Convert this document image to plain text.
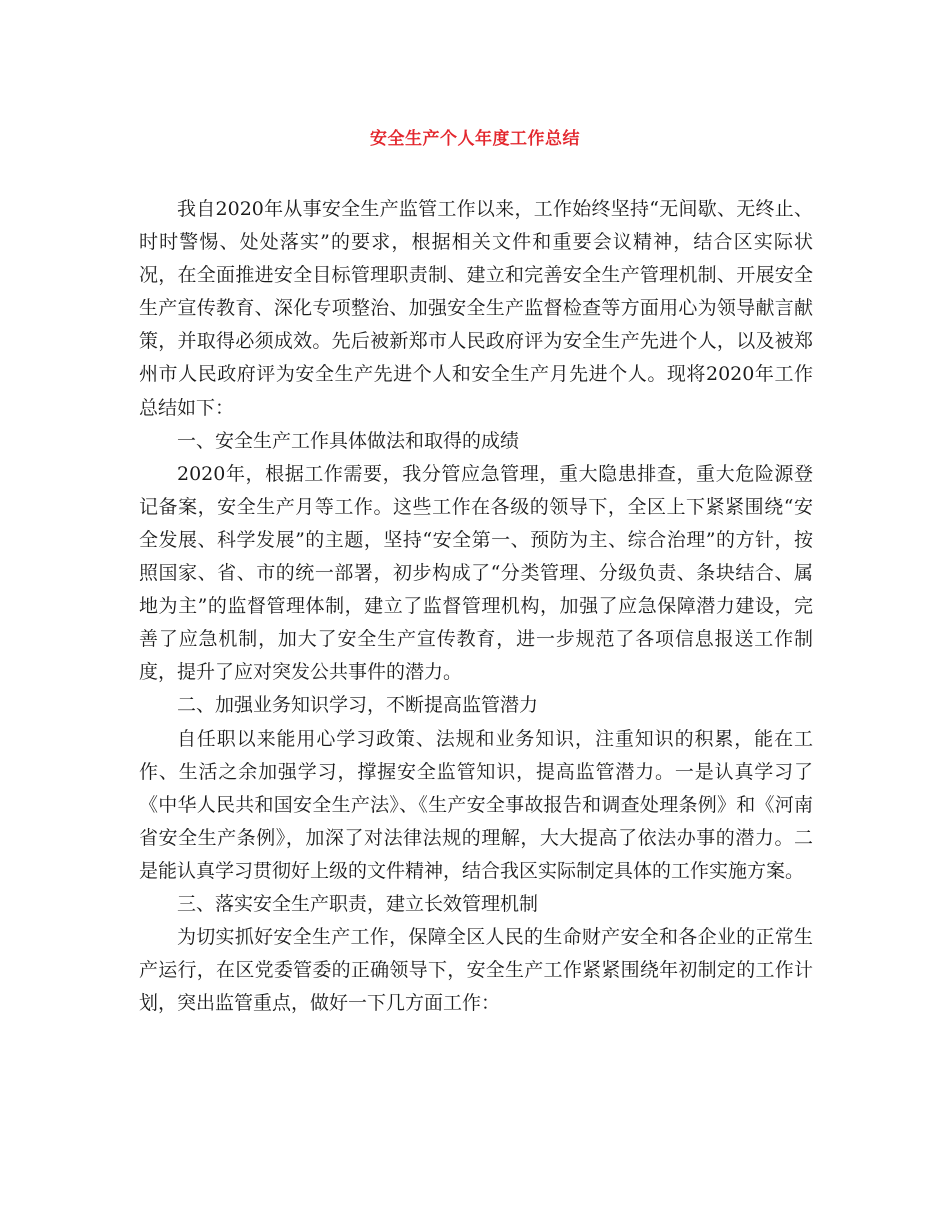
安全生产个人年度工作总结

我自2020年从事安全生产监管工作以来，工作始终坚持“无间歇、无终止、时时警惕、处处落实”的要求，根据相关文件和重要会议精神，结合区实际状况，在全面推进安全目标管理职责制、建立和完善安全生产管理机制、开展安全生产宣传教育、深化专项整治、加强安全生产监督检查等方面用心为领导献言献策，并取得必须成效。先后被新郑市人民政府评为安全生产先进个人，以及被郑州市人民政府评为安全生产先进个人和安全生产月先进个人。现将2020年工作总结如下：

一、安全生产工作具体做法和取得的成绩

2020年，根据工作需要，我分管应急管理，重大隐患排查，重大危险源登记备案，安全生产月等工作。这些工作在各级的领导下，全区上下紧紧围绕“安全发展、科学发展”的主题，坚持“安全第一、预防为主、综合治理”的方针，按照国家、省、市的统一部署，初步构成了“分类管理、分级负责、条块结合、属地为主”的监督管理体制，建立了监督管理机构，加强了应急保障潜力建设，完善了应急机制，加大了安全生产宣传教育，进一步规范了各项信息报送工作制度，提升了应对突发公共事件的潜力。

二、加强业务知识学习，不断提高监管潜力

自任职以来能用心学习政策、法规和业务知识，注重知识的积累，能在工作、生活之余加强学习，撑握安全监管知识，提高监管潜力。一是认真学习了《中华人民共和国安全生产法》、《生产安全事故报告和调查处理条例》和《河南省安全生产条例》，加深了对法律法规的理解，大大提高了依法办事的潜力。二是能认真学习贯彻好上级的文件精神，结合我区实际制定具体的工作实施方案。

三、落实安全生产职责，建立长效管理机制

为切实抓好安全生产工作，保障全区人民的生命财产安全和各企业的正常生产运行，在区党委管委的正确领导下，安全生产工作紧紧围绕年初制定的工作计划，突出监管重点，做好一下几方面工作：
